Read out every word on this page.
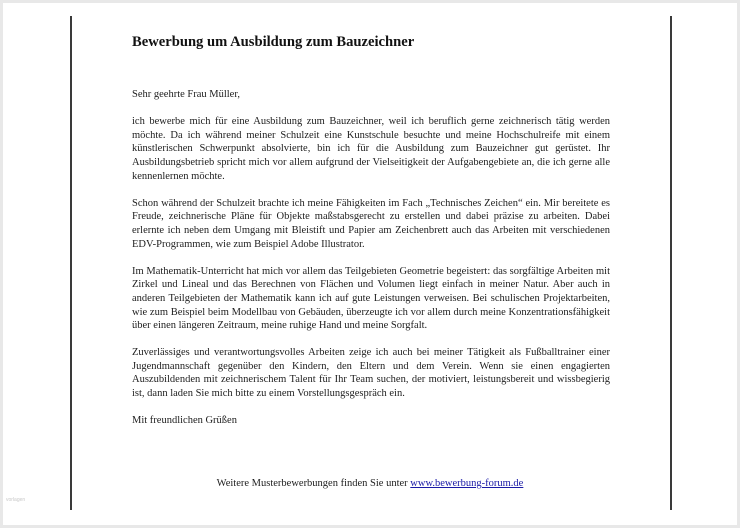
Bewerbung um Ausbildung zum Bauzeichner

Sehr geehrte Frau Müller,

ich bewerbe mich für eine Ausbildung zum Bauzeichner, weil ich beruflich gerne zeichnerisch tätig werden möchte. Da ich während meiner Schulzeit eine Kunstschule besuchte und meine Hochschulreife mit einem künstlerischen Schwerpunkt absolvierte, bin ich für die Ausbildung zum Bauzeichner gut gerüstet. Ihr Ausbildungsbetrieb spricht mich vor allem aufgrund der Vielseitigkeit der Aufgabengebiete an, die ich gerne alle kennenlernen möchte.

Schon während der Schulzeit brachte ich meine Fähigkeiten im Fach „Technisches Zeichen“ ein. Mir bereitete es Freude, zeichnerische Pläne für Objekte maßstabsgerecht zu erstellen und dabei präzise zu arbeiten. Dabei erlernte ich neben dem Umgang mit Bleistift und Papier am Zeichenbrett auch das Arbeiten mit verschiedenen EDV-Programmen, wie zum Beispiel Adobe Illustrator.

Im Mathematik-Unterricht hat mich vor allem das Teilgebieten Geometrie begeistert: das sorgfältige Arbeiten mit Zirkel und Lineal und das Berechnen von Flächen und Volumen liegt einfach in meiner Natur. Aber auch in anderen Teilgebieten der Mathematik kann ich auf gute Leistungen verweisen. Bei schulischen Projektarbeiten, wie zum Beispiel beim Modellbau von Gebäuden, überzeugte ich vor allem durch meine Konzentrationsfähigkeit über einen längeren Zeitraum, meine ruhige Hand und meine Sorgfalt.

Zuverlässiges und verantwortungsvolles Arbeiten zeige ich auch bei meiner Tätigkeit als Fußballtrainer einer Jugendmannschaft gegenüber den Kindern, den Eltern und dem Verein. Wenn sie einen engagierten Auszubildenden mit zeichnerischem Talent für Ihr Team suchen, der motiviert, leistungsbereit und wissbegierig ist, dann laden Sie mich bitte zu einem Vorstellungsgespräch ein.

Mit freundlichen Grüßen

Weitere Musterbewerbungen finden Sie unter www.bewerbung-forum.de
vorlagen
